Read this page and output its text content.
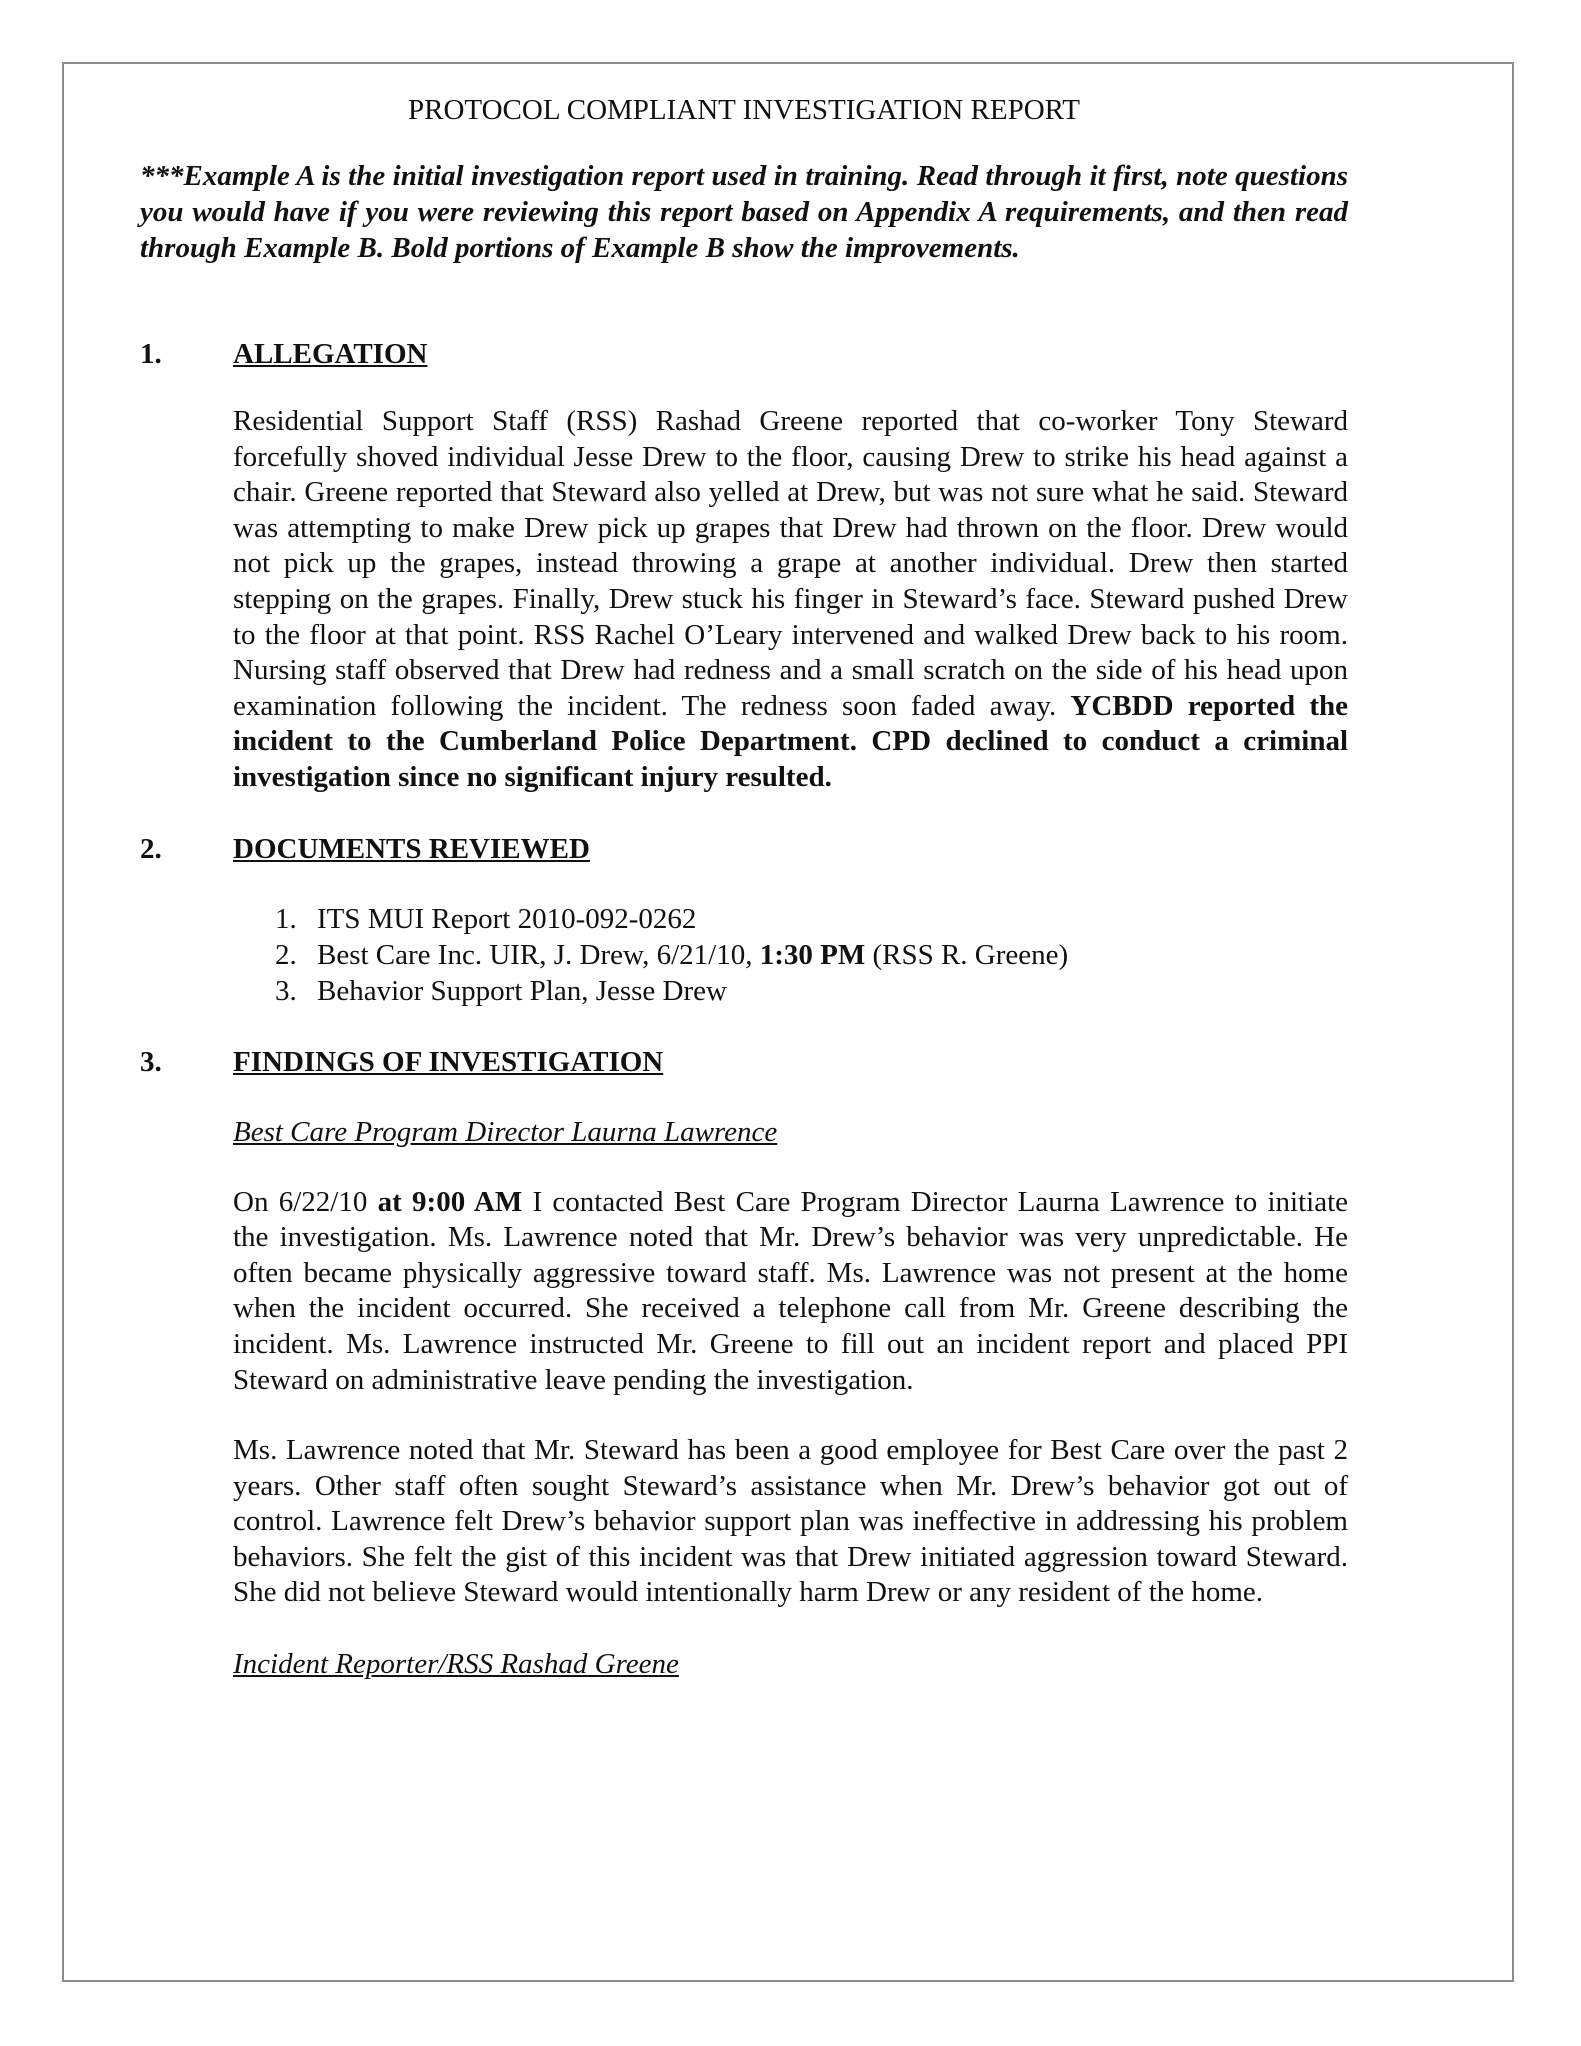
PROTOCOL COMPLIANT INVESTIGATION REPORT

***Example A is the initial investigation report used in training. Read through it first, note questions you would have if you were reviewing this report based on Appendix A requirements, and then read through Example B. Bold portions of Example B show the improvements.

1.	ALLEGATION

Residential Support Staff (RSS) Rashad Greene reported that co-worker Tony Steward forcefully shoved individual Jesse Drew to the floor, causing Drew to strike his head against a chair. Greene reported that Steward also yelled at Drew, but was not sure what he said. Steward was attempting to make Drew pick up grapes that Drew had thrown on the floor. Drew would not pick up the grapes, instead throwing a grape at another individual. Drew then started stepping on the grapes. Finally, Drew stuck his finger in Steward’s face. Steward pushed Drew to the floor at that point. RSS Rachel O’Leary intervened and walked Drew back to his room. Nursing staff observed that Drew had redness and a small scratch on the side of his head upon examination following the incident. The redness soon faded away. YCBDD reported the incident to the Cumberland Police Department. CPD declined to conduct a criminal investigation since no significant injury resulted.

2.	DOCUMENTS REVIEWED
1. ITS MUI Report 2010-092-0262
2. Best Care Inc. UIR, J. Drew, 6/21/10, 1:30 PM (RSS R. Greene)
3. Behavior Support Plan, Jesse Drew
3.	FINDINGS OF INVESTIGATION
Best Care Program Director Laurna Lawrence

On 6/22/10 at 9:00 AM I contacted Best Care Program Director Laurna Lawrence to initiate the investigation. Ms. Lawrence noted that Mr. Drew’s behavior was very unpredictable. He often became physically aggressive toward staff. Ms. Lawrence was not present at the home when the incident occurred. She received a telephone call from Mr. Greene describing the incident. Ms. Lawrence instructed Mr. Greene to fill out an incident report and placed PPI Steward on administrative leave pending the investigation.

Ms. Lawrence noted that Mr. Steward has been a good employee for Best Care over the past 2 years. Other staff often sought Steward’s assistance when Mr. Drew’s behavior got out of control. Lawrence felt Drew’s behavior support plan was ineffective in addressing his problem behaviors. She felt the gist of this incident was that Drew initiated aggression toward Steward. She did not believe Steward would intentionally harm Drew or any resident of the home.

Incident Reporter/RSS Rashad Greene
